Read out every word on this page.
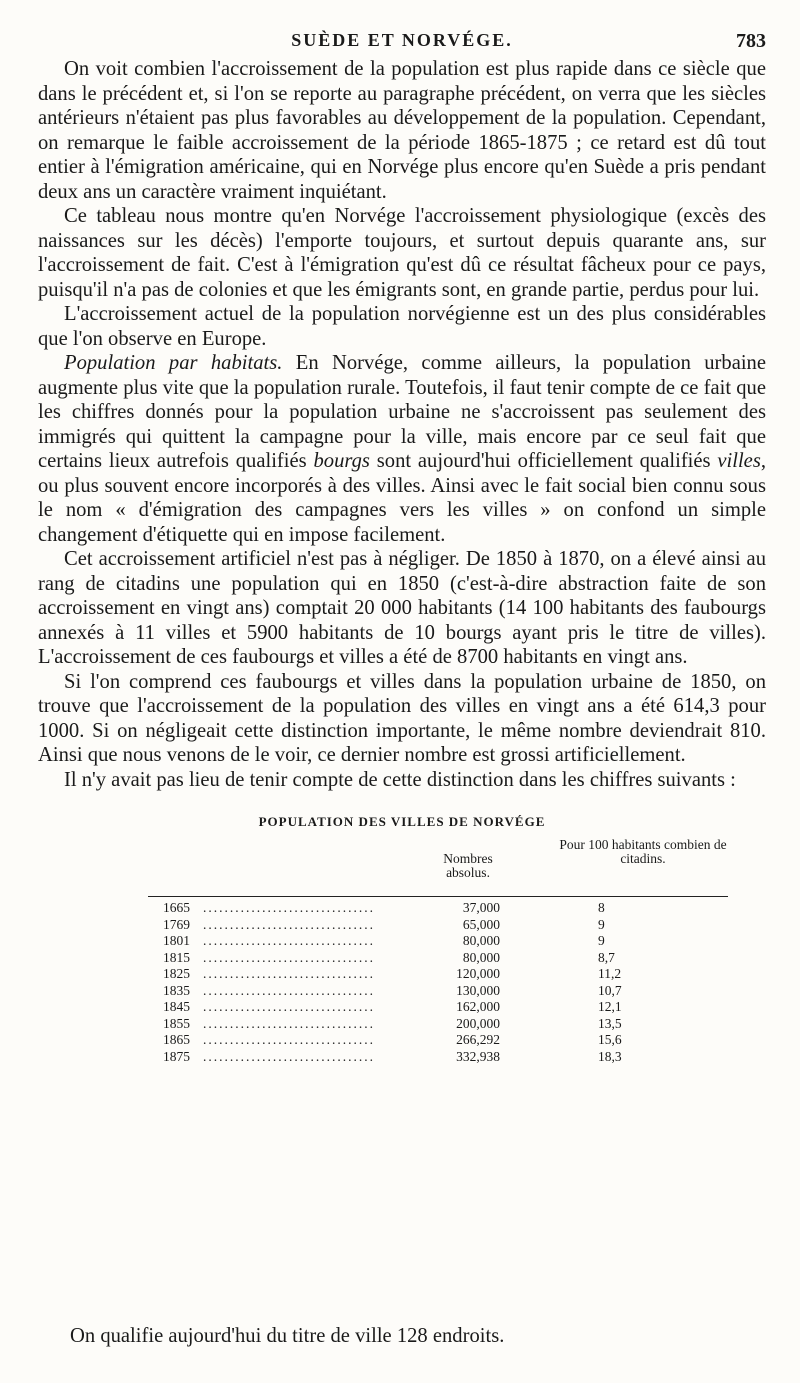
SUÈDE ET NORVÉGE.	783

On voit combien l'accroissement de la population est plus rapide dans ce siècle que dans le précédent et, si l'on se reporte au paragraphe précédent, on verra que les siècles antérieurs n'étaient pas plus favorables au développement de la population. Cependant, on remarque le faible accroissement de la période 1865-1875 ; ce retard est dû tout entier à l'émigration américaine, qui en Norvége plus encore qu'en Suède a pris pendant deux ans un caractère vraiment inquiétant.

Ce tableau nous montre qu'en Norvége l'accroissement physiologique (excès des naissances sur les décès) l'emporte toujours, et surtout depuis quarante ans, sur l'accroissement de fait. C'est à l'émigration qu'est dû ce résultat fâcheux pour ce pays, puisqu'il n'a pas de colonies et que les émigrants sont, en grande partie, perdus pour lui.

L'accroissement actuel de la population norvégienne est un des plus considérables que l'on observe en Europe.

Population par habitats. En Norvége, comme ailleurs, la population urbaine augmente plus vite que la population rurale. Toutefois, il faut tenir compte de ce fait que les chiffres donnés pour la population urbaine ne s'accroissent pas seulement des immigrés qui quittent la campagne pour la ville, mais encore par ce seul fait que certains lieux autrefois qualifiés bourgs sont aujourd'hui officiellement qualifiés villes, ou plus souvent encore incorporés à des villes. Ainsi avec le fait social bien connu sous le nom « d'émigration des campagnes vers les villes » on confond un simple changement d'étiquette qui en impose facilement.

Cet accroissement artificiel n'est pas à négliger. De 1850 à 1870, on a élevé ainsi au rang de citadins une population qui en 1850 (c'est-à-dire abstraction faite de son accroissement en vingt ans) comptait 20 000 habitants (14 100 habitants des faubourgs annexés à 11 villes et 5900 habitants de 10 bourgs ayant pris le titre de villes). L'accroissement de ces faubourgs et villes a été de 8700 habitants en vingt ans.

Si l'on comprend ces faubourgs et villes dans la population urbaine de 1850, on trouve que l'accroissement de la population des villes en vingt ans a été 614,3 pour 1000. Si on négligeait cette distinction importante, le même nombre deviendrait 810. Ainsi que nous venons de le voir, ce dernier nombre est grossi artificiellement.

Il n'y avait pas lieu de tenir compte de cette distinction dans les chiffres suivants :

POPULATION DES VILLES DE NORVÉGE
Nombres absolus.
Pour 100 habitants combien de citadins.
1665 ................................	37,000	8
1769 ................................	65,000	9
1801 ................................	80,000	9
1815 ................................	80,000	8,7
1825 ................................	120,000	11,2
1835 ................................	130,000	10,7
1845 ................................	162,000	12,1
1855 ................................	200,000	13,5
1865 ................................	266,292	15,6
1875 ................................	332,938	18,3
On qualifie aujourd'hui du titre de ville 128 endroits.
